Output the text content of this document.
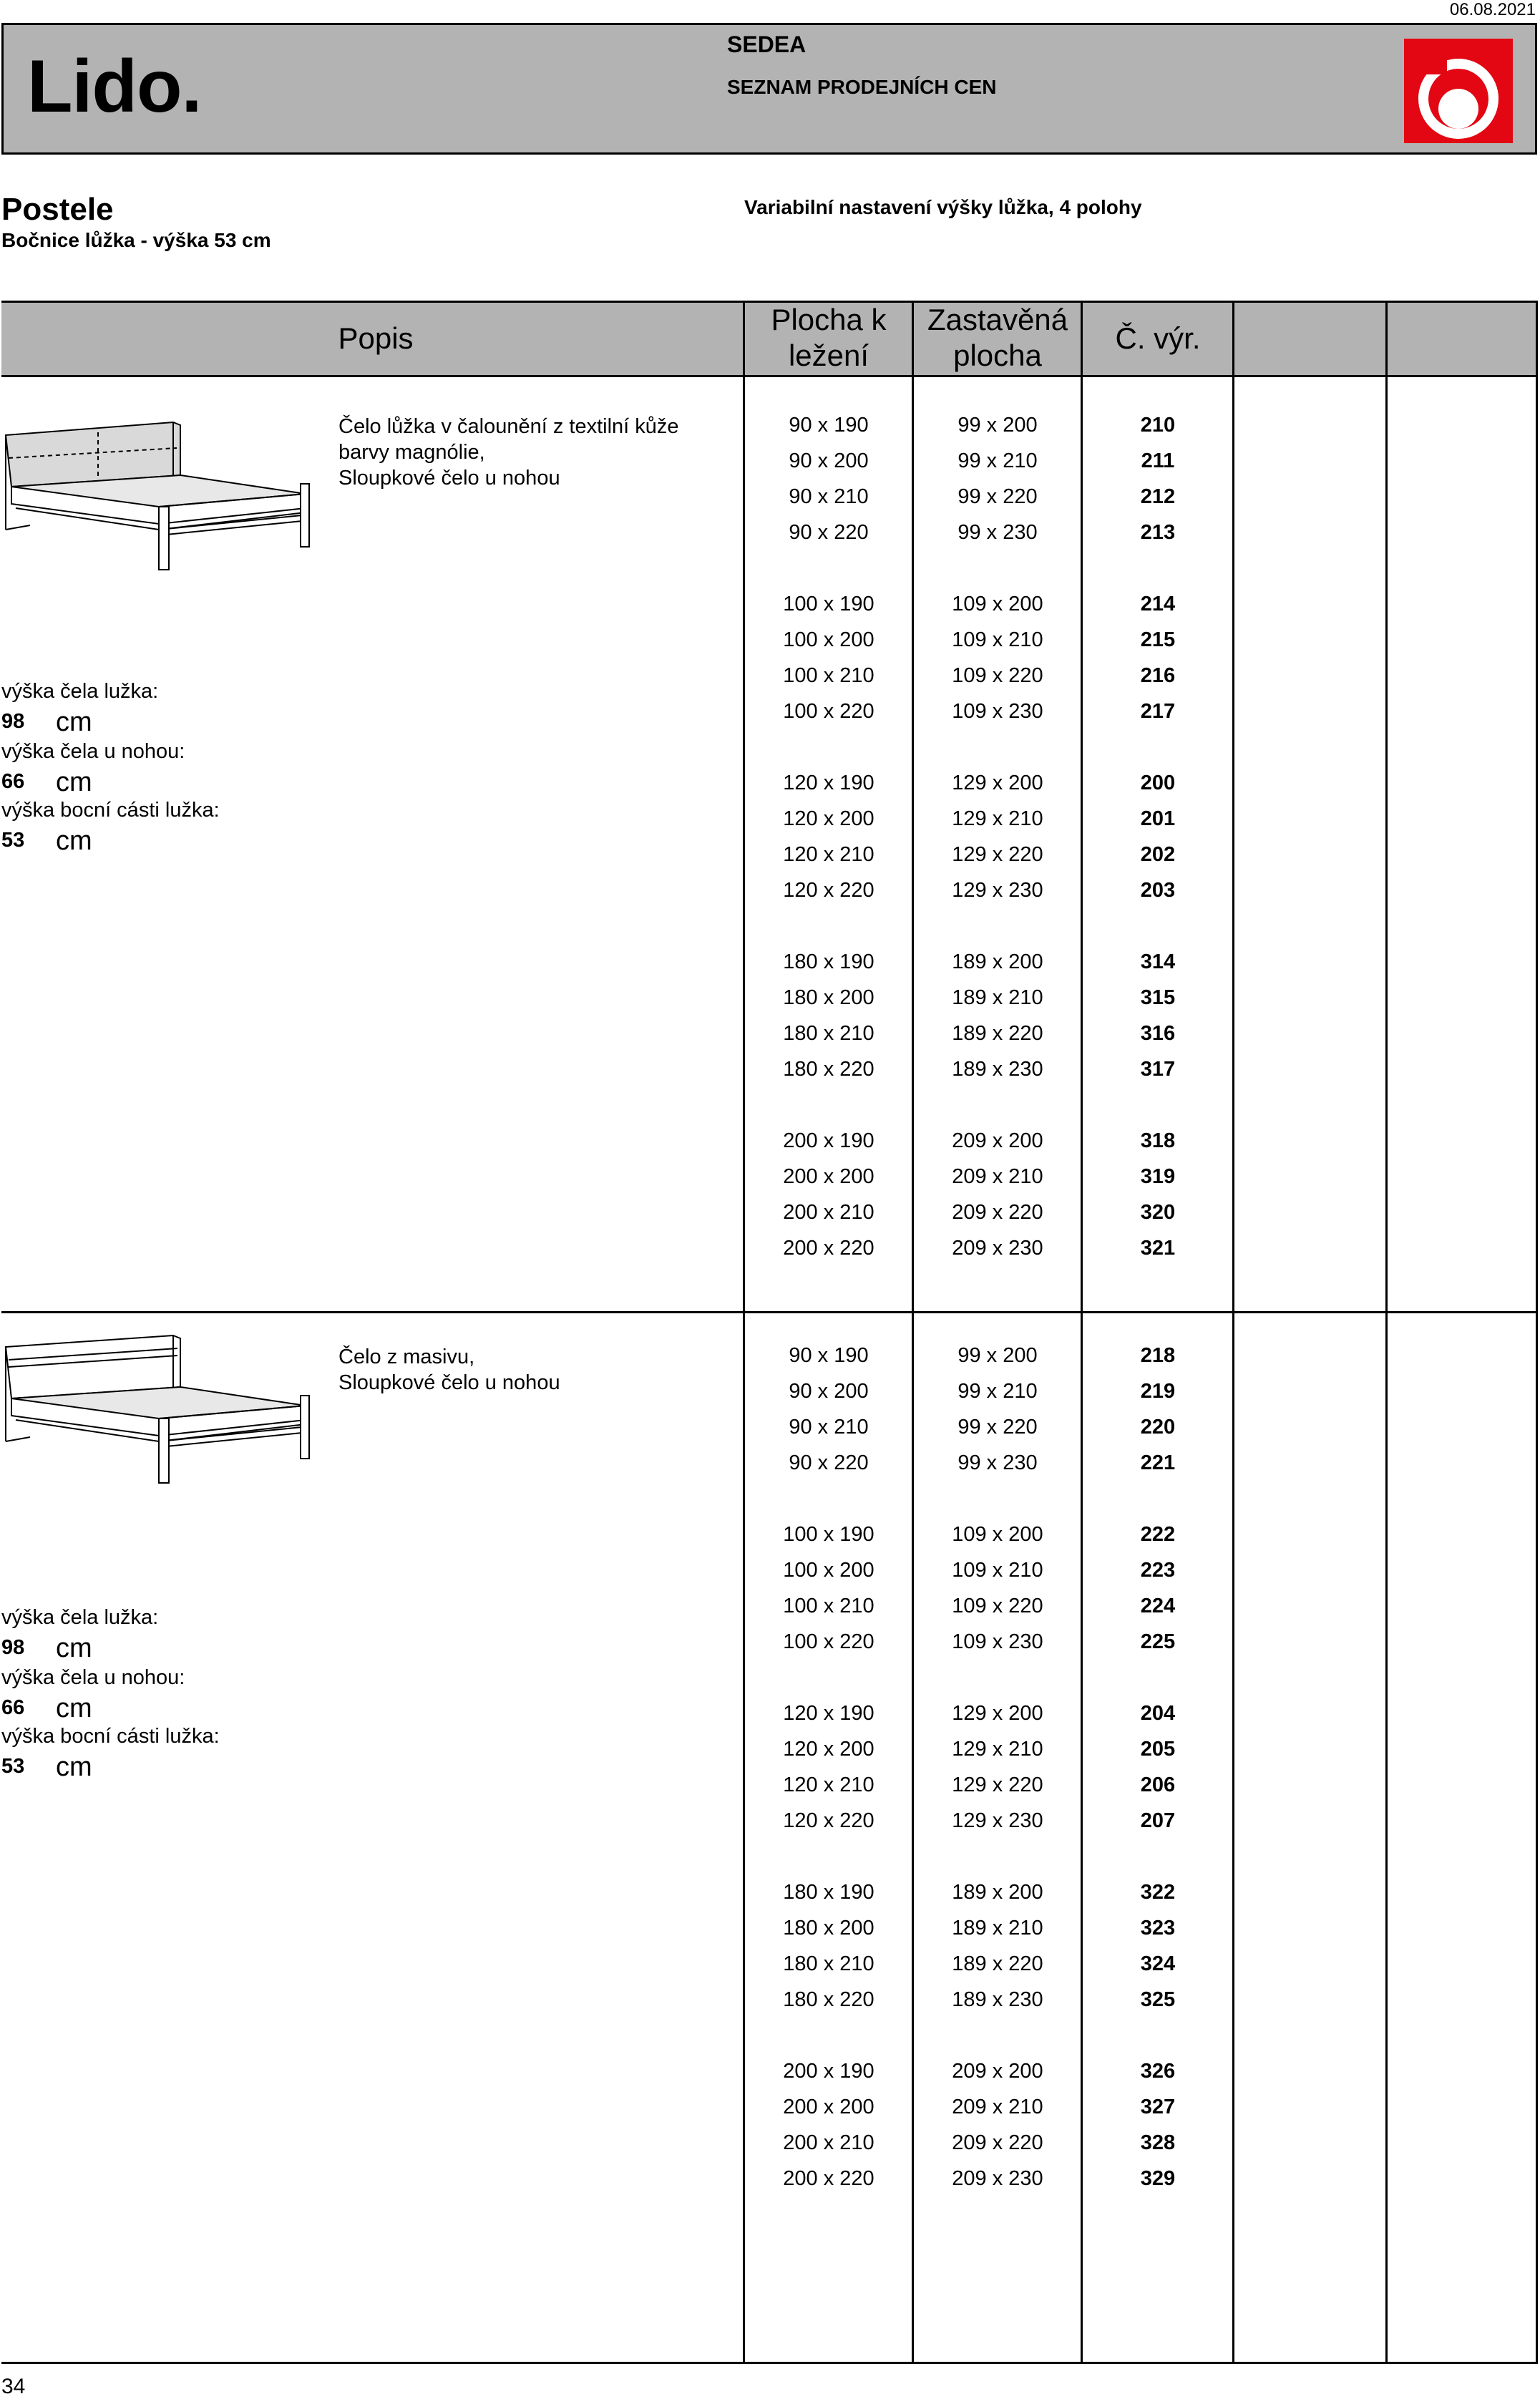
06.08.2021
Lido.
SEDEA
SEZNAM PRODEJNÍCH CEN
Postele
Bočnice lůžka - výška 53 cm
Variabilní nastavení výšky lůžka, 4 polohy
Popis
Plocha k
ležení
Zastavěná
plocha
Č. výr.
Čelo lůžka v čalounění z textilní kůže
barvy magnólie,
Sloupkové čelo u nohou
výška čela lužka:
98 cm
výška čela u nohou:
66 cm
výška bocní cásti lužka:
53 cm
Čelo z masivu,
Sloupkové čelo u nohou
výška čela lužka:
98 cm
výška čela u nohou:
66 cm
výška bocní cásti lužka:
53 cm
90 x 190	99 x 200	210
90 x 200	99 x 210	211
90 x 210	99 x 220	212
90 x 220	99 x 230	213
100 x 190	109 x 200	214
100 x 200	109 x 210	215
100 x 210	109 x 220	216
100 x 220	109 x 230	217
120 x 190	129 x 200	200
120 x 200	129 x 210	201
120 x 210	129 x 220	202
120 x 220	129 x 230	203
180 x 190	189 x 200	314
180 x 200	189 x 210	315
180 x 210	189 x 220	316
180 x 220	189 x 230	317
200 x 190	209 x 200	318
200 x 200	209 x 210	319
200 x 210	209 x 220	320
200 x 220	209 x 230	321
90 x 190	99 x 200	218
90 x 200	99 x 210	219
90 x 210	99 x 220	220
90 x 220	99 x 230	221
100 x 190	109 x 200	222
100 x 200	109 x 210	223
100 x 210	109 x 220	224
100 x 220	109 x 230	225
120 x 190	129 x 200	204
120 x 200	129 x 210	205
120 x 210	129 x 220	206
120 x 220	129 x 230	207
180 x 190	189 x 200	322
180 x 200	189 x 210	323
180 x 210	189 x 220	324
180 x 220	189 x 230	325
200 x 190	209 x 200	326
200 x 200	209 x 210	327
200 x 210	209 x 220	328
200 x 220	209 x 230	329
34
